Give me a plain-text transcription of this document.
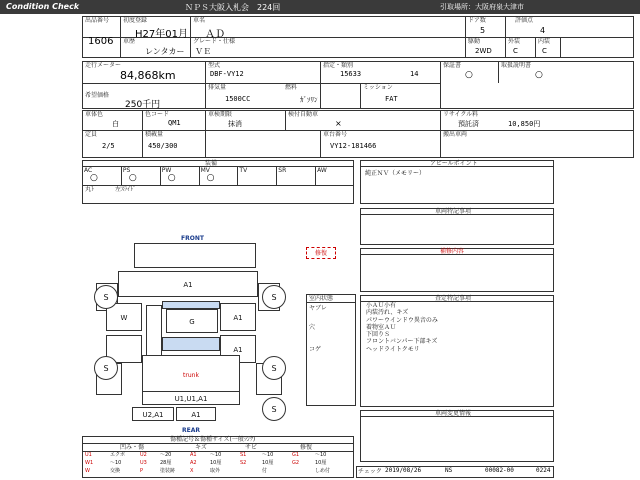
Condition Check	ＮＰＳ大阪入札会　224回	引取場所：大阪府泉大津市
出品番号
1606
初度登録
H27年01月
車名
ＡＤ
ドア数
5
評価点
4
車歴
レンタカー
グレード・仕様
ＶＥ
駆動
2WD
外装
C
内装
C
走行メーター
84,868km
型式
DBF-VY12
指定・類別
15633	14
保証書
○
取扱説明書
○
希望価格
250千円
排気量
1500CC
燃料
ｶﾞｿﾘﾝ
ミッション
FAT
車体色
白
色コード
QM1
車検期限
抹消
検付自動車
×
リサイクル料
預託済	10,850円
定員
2/5
積載量
450/300
車台番号
VY12-181466
搬出車両
装備
AC
○
PS
○
PW
○
MV
○
TV	SR	AW
丸ﾄ	左ｽﾗｲﾄﾞ
アピールポイント
純正ＮＶ（メモリー）
車両特記事項
補修内容
査定特記事項
小ＡＵ小有
内装汚れ、キズ
パワーウインドウ異音のみ
着物室ＡＵ
下回りＳ
フロントバンパー下部キズ
ヘッドライトクモリ
車両変更情報
FRONT
REAR
A1
W	A1
G
A1
trunk
U1,U1,A1
U2,A1	A1
S	S
S	S
S
修復
室内状態
ヤブレ
穴
コゲ
傷種記号＆傷種サイズ(一般ﾗﾝｸ)
凹み・傷	キズ	サビ	修復
U1	エクボ	U2	〜20	A1	〜10	S1	〜10	G1	〜10
W1	〜10	U3	28厘	A2	10厘	S2	10厘	G2	10厘
W	交換	P	塗装跡	X	取外	付	しめ付	チェック 2019/08/26	NS	00082-00	0224
